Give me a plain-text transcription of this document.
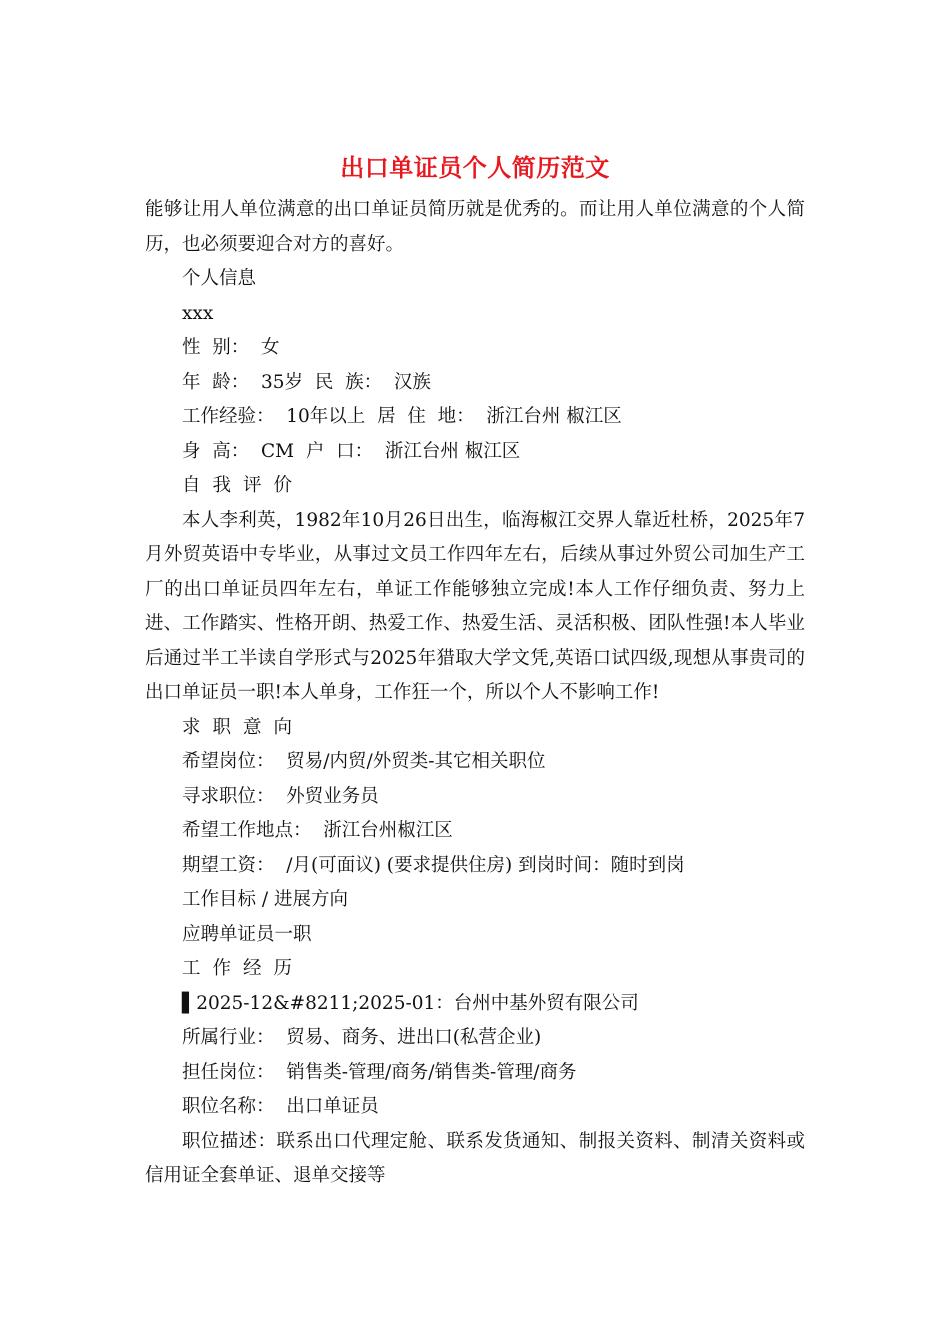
出口单证员个人简历范文

能够让用人单位满意的出口单证员简历就是优秀的。而让用人单位满意的个人简历，也必须要迎合对方的喜好。

个人信息

xxx

性  别：  女

年  龄：  35岁  民  族：  汉族

工作经验：  10年以上  居  住  地：  浙江台州 椒江区

身  高：  CM  户  口：  浙江台州 椒江区

自我评价

本人李利英，1982年10月26日出生，临海椒江交界人靠近杜桥，2025年7月外贸英语中专毕业，从事过文员工作四年左右，后续从事过外贸公司加生产工厂的出口单证员四年左右，单证工作能够独立完成!本人工作仔细负责、努力上进、工作踏实、性格开朗、热爱工作、热爱生活、灵活积极、团队性强!本人毕业后通过半工半读自学形式与2025年猎取大学文凭,英语口试四级,现想从事贵司的出口单证员一职!本人单身，工作狂一个，所以个人不影响工作!

求职意向

希望岗位：  贸易/内贸/外贸类-其它相关职位

寻求职位：  外贸业务员

希望工作地点：  浙江台州椒江区

期望工资：  /月(可面议) (要求提供住房) 到岗时间：随时到岗

工作目标 / 进展方向

应聘单证员一职

工作经历

▌2025-12&#8211;2025-01：台州中基外贸有限公司

所属行业：  贸易、商务、进出口(私营企业)

担任岗位：  销售类-管理/商务/销售类-管理/商务

职位名称：  出口单证员

职位描述：联系出口代理定舱、联系发货通知、制报关资料、制清关资料或信用证全套单证、退单交接等
